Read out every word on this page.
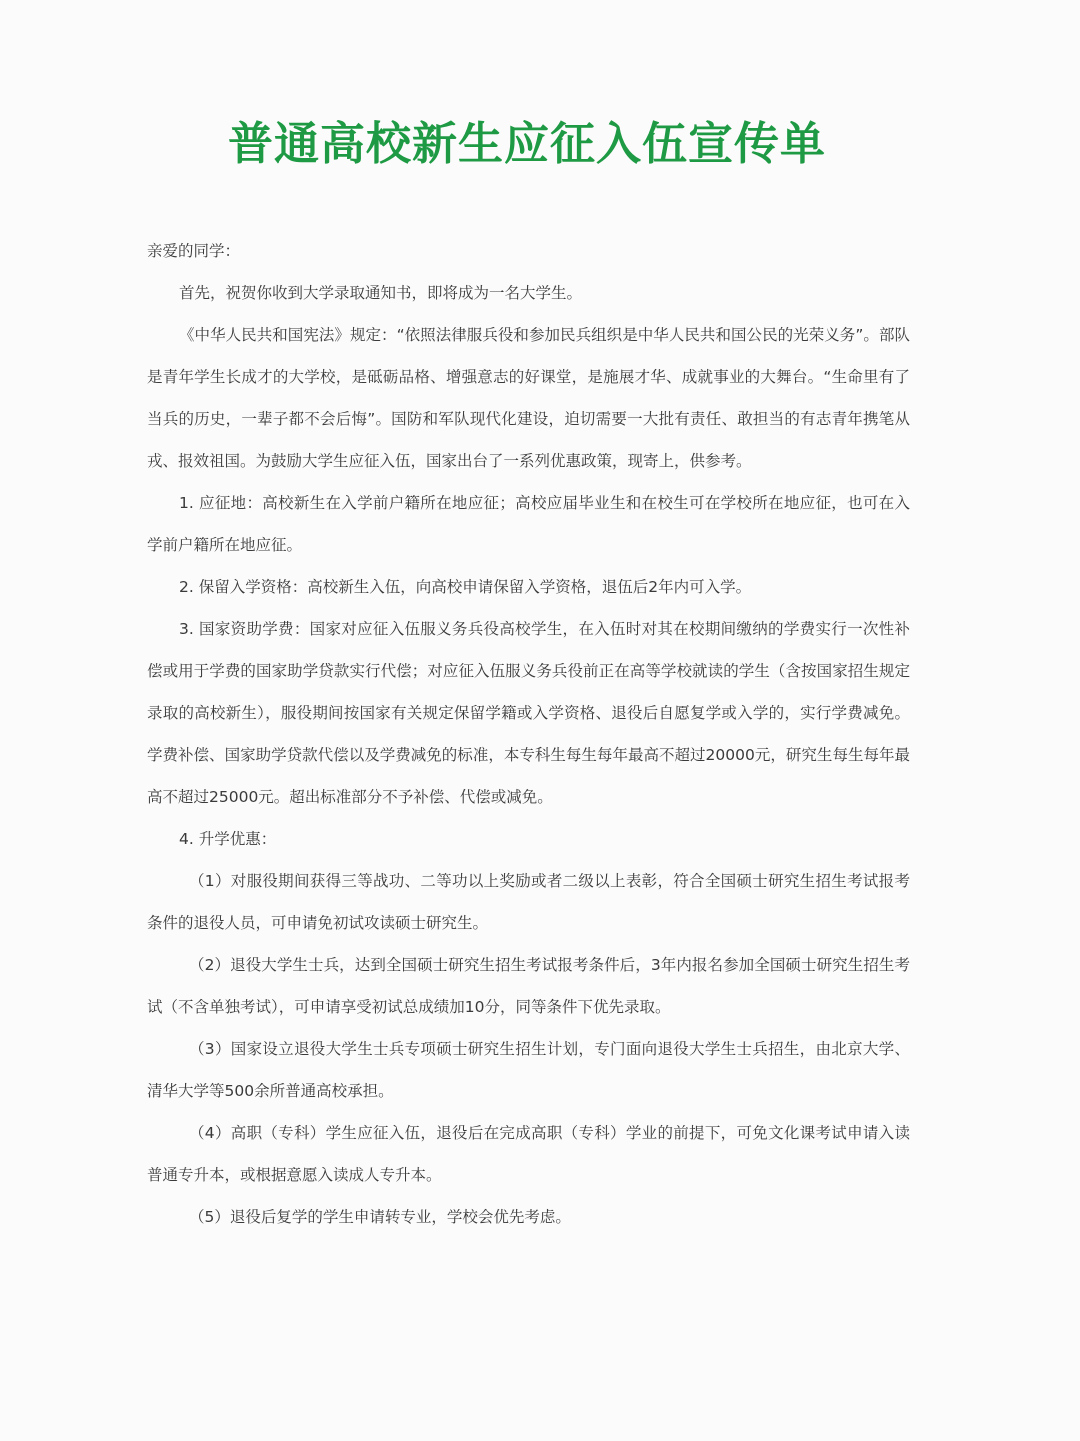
普通高校新生应征入伍宣传单

亲爱的同学：

首先，祝贺你收到大学录取通知书，即将成为一名大学生。

《中华人民共和国宪法》规定：“依照法律服兵役和参加民兵组织是中华人民共和国公民的光荣义务”。部队是青年学生长成才的大学校，是砥砺品格、增强意志的好课堂，是施展才华、成就事业的大舞台。“生命里有了当兵的历史，一辈子都不会后悔”。国防和军队现代化建设，迫切需要一大批有责任、敢担当的有志青年携笔从戎、报效祖国。为鼓励大学生应征入伍，国家出台了一系列优惠政策，现寄上，供参考。

1. 应征地：高校新生在入学前户籍所在地应征；高校应届毕业生和在校生可在学校所在地应征，也可在入学前户籍所在地应征。

2. 保留入学资格：高校新生入伍，向高校申请保留入学资格，退伍后2年内可入学。

3. 国家资助学费：国家对应征入伍服义务兵役高校学生，在入伍时对其在校期间缴纳的学费实行一次性补偿或用于学费的国家助学贷款实行代偿；对应征入伍服义务兵役前正在高等学校就读的学生（含按国家招生规定录取的高校新生），服役期间按国家有关规定保留学籍或入学资格、退役后自愿复学或入学的，实行学费减免。学费补偿、国家助学贷款代偿以及学费减免的标准，本专科生每生每年最高不超过20000元，研究生每生每年最高不超过25000元。超出标准部分不予补偿、代偿或减免。

4. 升学优惠：

（1）对服役期间获得三等战功、二等功以上奖励或者二级以上表彰，符合全国硕士研究生招生考试报考条件的退役人员，可申请免初试攻读硕士研究生。

（2）退役大学生士兵，达到全国硕士研究生招生考试报考条件后，3年内报名参加全国硕士研究生招生考试（不含单独考试），可申请享受初试总成绩加10分，同等条件下优先录取。

（3）国家设立退役大学生士兵专项硕士研究生招生计划，专门面向退役大学生士兵招生，由北京大学、清华大学等500余所普通高校承担。

（4）高职（专科）学生应征入伍，退役后在完成高职（专科）学业的前提下，可免文化课考试申请入读普通专升本，或根据意愿入读成人专升本。

（5）退役后复学的学生申请转专业，学校会优先考虑。
